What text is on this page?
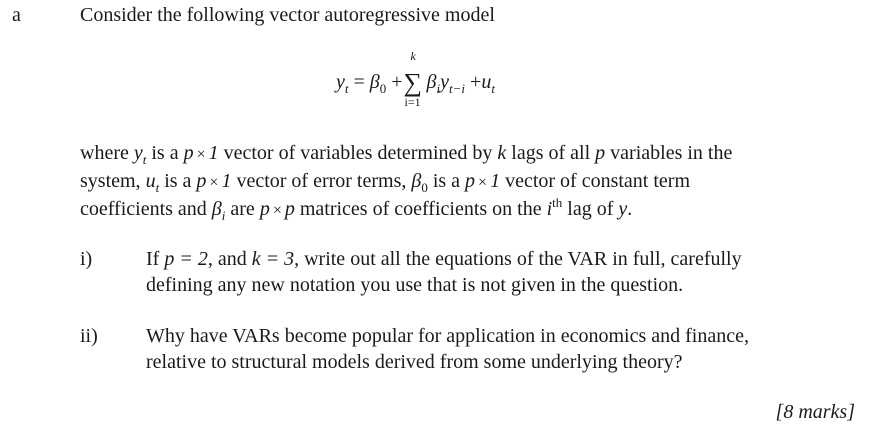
a	Consider the following vector autoregressive model
$y_t = \beta_0$ +
k
∑
i=1
$\beta_iy_{t-i} +u_t$

where $y_t$ is a p × 1 vector of variables determined by k lags of all p variables in the

system, $u_t$ is a p × 1 vector of error terms, $\beta_0$ is a p × 1 vector of constant term

coefficients and $\beta_i$ are p × p matrices of coefficients on the $i^{th}$ lag of y.

i)	If p = 2, and k = 3, write out all the equations of the VAR in full, carefully

defining any new notation you use that is not given in the question.

ii) Why have VARs become popular for application in economics and finance,

relative to structural models derived from some underlying theory?

[8 marks]
